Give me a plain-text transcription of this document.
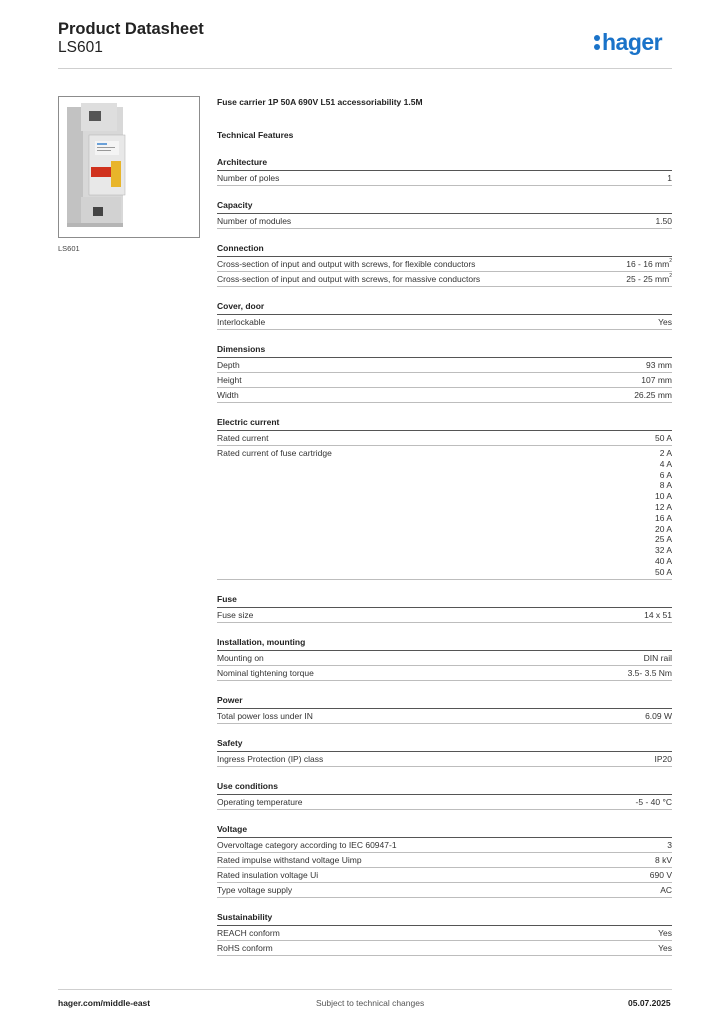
Product Datasheet
LS601	hager
LS601
Fuse carrier 1P 50A 690V L51 accessoriability 1.5M
Technical Features
Architecture
Number of poles	1
Capacity
Number of modules	1.50
Connection
Cross-section of input and output with screws, for flexible conductors	16 - 16 $mm^2$
Cross-section of input and output with screws, for massive conductors	25 - 25 $mm^2$
Cover, door
Interlockable	Yes
Dimensions
Depth	93 mm
Height	107 mm
Width	26.25 mm
Electric current
Rated current	50 A
Rated current of fuse cartridge	2 A
4 A
6 A
8 A
10 A
12 A
16 A
20 A
25 A
32 A
40 A
50 A
Fuse
Fuse size	14 x 51
Installation, mounting
Mounting on	DIN rail
Nominal tightening torque	3.5- 3.5 Nm
Power
Total power loss under IN	6.09 W
Safety
Ingress Protection (IP) class	IP20
Use conditions
Operating temperature	-5 - 40 °C
Voltage
Overvoltage category according to IEC 60947-1	3
Rated impulse withstand voltage Uimp	8 kV
Rated insulation voltage Ui	690 V
Type voltage supply	AC
Sustainability
REACH conform	Yes
RoHS conform	Yes
hager.com/middle-east	Subject to technical changes	05.07.2025
